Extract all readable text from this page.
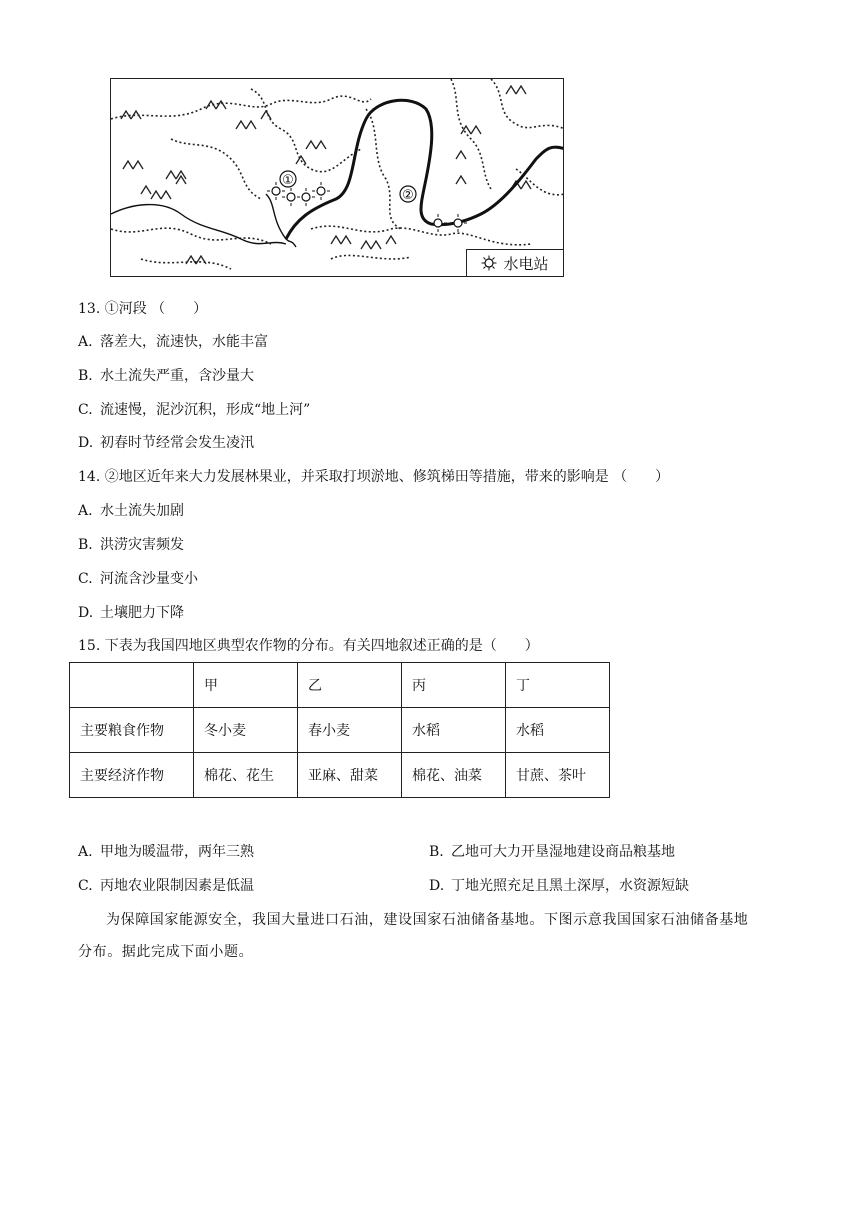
①
②
水电站
13. ①河段 （　　）
A. 落差大，流速快，水能丰富
B. 水土流失严重，含沙量大
C. 流速慢，泥沙沉积，形成“地上河”
D. 初春时节经常会发生凌汛
14. ②地区近年来大力发展林果业，并采取打坝淤地、修筑梯田等措施，带来的影响是 （　　）
A. 水土流失加剧
B. 洪涝灾害频发
C. 河流含沙量变小
D. 土壤肥力下降
15. 下表为我国四地区典型农作物的分布。有关四地叙述正确的是（　　）
	甲	乙	丙	丁
主要粮食作物	冬小麦	春小麦	水稻	水稻
主要经济作物	棉花、花生	亚麻、甜菜	棉花、油菜	甘蔗、茶叶
A. 甲地为暖温带，两年三熟	B. 乙地可大力开垦湿地建设商品粮基地
C. 丙地农业限制因素是低温	D. 丁地光照充足且黑土深厚，水资源短缺
为保障国家能源安全，我国大量进口石油，建设国家石油储备基地。下图示意我国国家石油储备基地
分布。据此完成下面小题。
